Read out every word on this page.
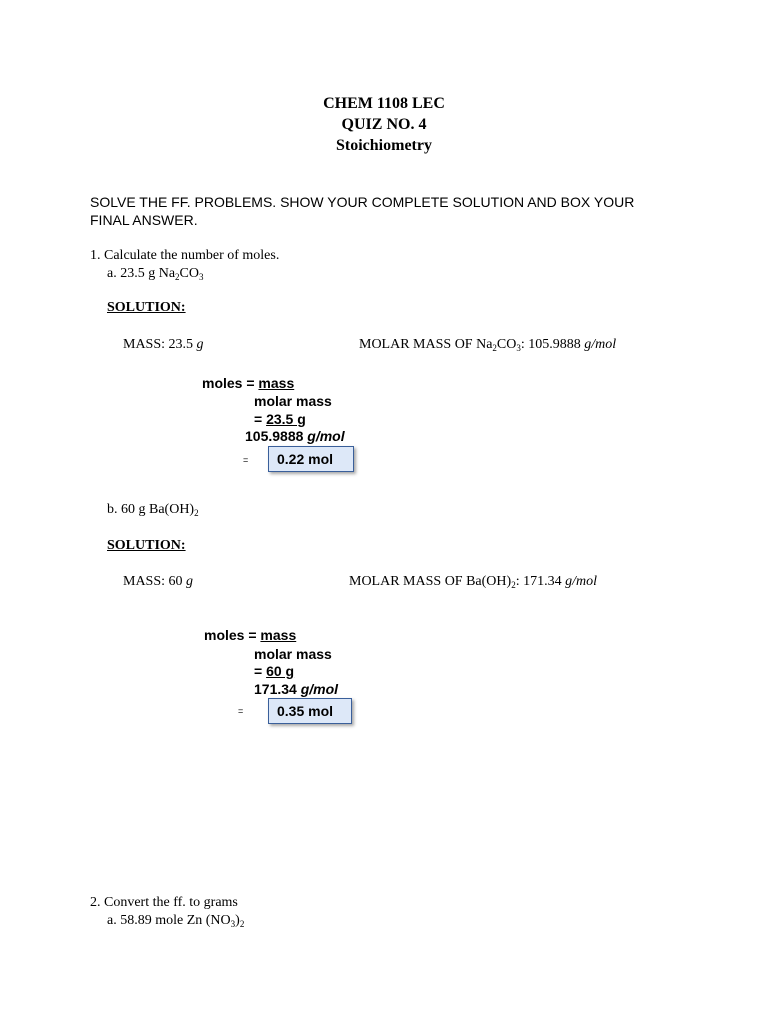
CHEM 1108 LEC
QUIZ NO. 4
Stoichiometry
SOLVE THE FF. PROBLEMS. SHOW YOUR COMPLETE SOLUTION AND BOX YOUR
FINAL ANSWER.
1. Calculate the number of moles.
a. 23.5 g $Na_2CO_3$
SOLUTION:
MASS: 23.5 g	MOLAR MASS OF $Na_2CO_3$: 105.9888 g/mol
moles = mass
molar mass
= 23.5 g
105.9888 g/mol
=	0.22 mol
b. 60 g $Ba(OH)_2$
SOLUTION:
MASS: 60 g	MOLAR MASS OF $Ba(OH)_2$: 171.34 g/mol
moles = mass
molar mass
= 60 g
171.34 g/mol
=	0.35 mol
2. Convert the ff. to grams
a. 58.89 mole Zn $(NO_3)_2$
